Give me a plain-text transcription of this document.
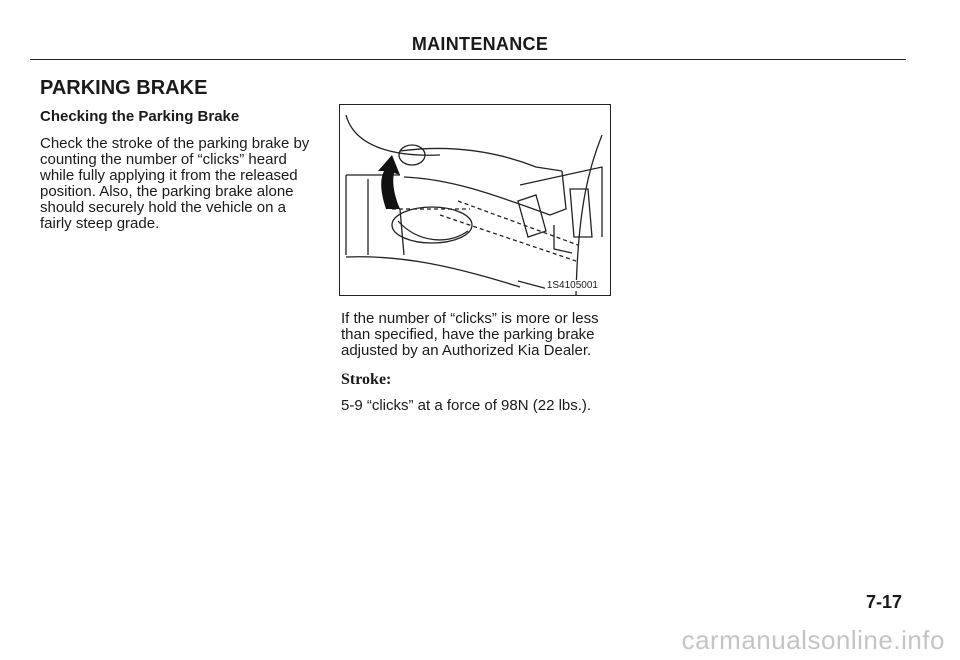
MAINTENANCE
PARKING BRAKE
Checking the Parking Brake

Check the stroke of the parking brake by counting the number of “clicks” heard while fully applying it from the released position. Also, the parking brake alone should securely hold the vehicle on a fairly steep grade.

1S4105001

If the number of “clicks” is more or less than specified, have the parking brake adjusted by an Authorized Kia Dealer.

Stroke:
5-9 “clicks” at a force of 98N (22 lbs.).
7-17
carmanualsonline.info
